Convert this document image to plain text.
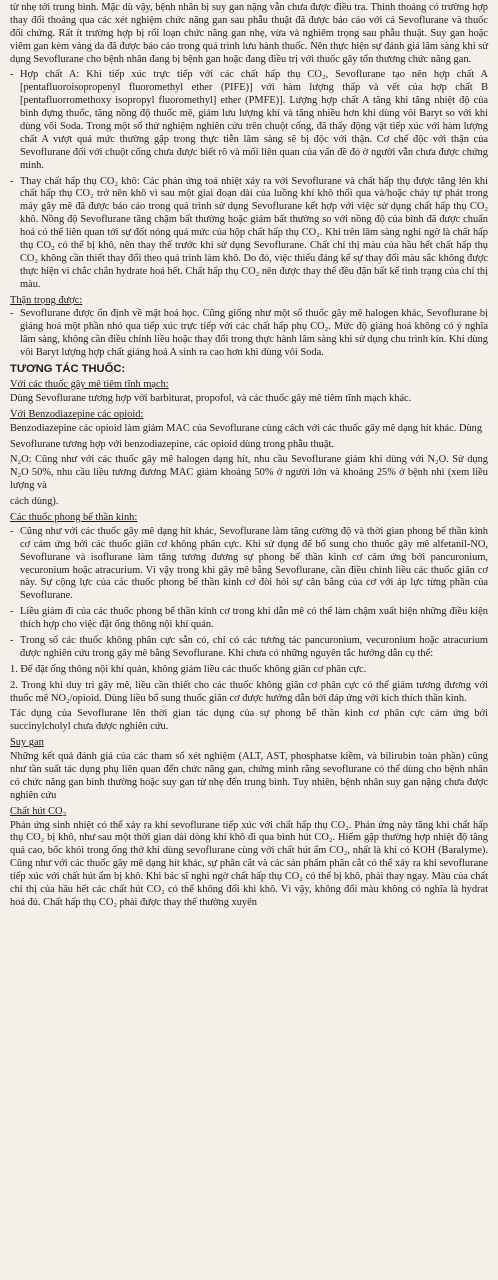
từ nhẹ tới trung bình. Mặc dù vậy, bệnh nhân bị suy gan nặng vẫn chưa được điều tra. Thỉnh thoảng có trường hợp thay đổi thoáng qua các xét nghiệm chức năng gan sau phẫu thuật đã được báo cáo với cả Sevoflurane và thuốc đối chứng. Rất ít trường hợp bị rối loạn chức năng gan nhẹ, vừa và nghiêm trọng sau phẫu thuật. Suy gan hoặc viêm gan kèm vàng da đã được báo cáo trong quá trình lưu hành thuốc. Nên thực hiện sự đánh giá lâm sàng khi sử dụng Sevoflurane cho bệnh nhân đang bị bệnh gan hoặc đang điều trị với thuốc gây tổn thương chức năng gan.

- Hợp chất A: Khi tiếp xúc trực tiếp với các chất hấp thụ CO₂, Sevoflurane tạo nên hợp chất A [pentafluoroisopropenyl fluoromethyl ether (PIFE)] với hàm lượng thấp và vết của hợp chất B [pentafluorromethoxy isopropyl fluoromethyl] ether (PMFE)]. Lượng hợp chất A tăng khi tăng nhiệt độ của bình đựng thuốc, tăng nồng độ thuốc mê, giảm lưu lượng khí và tăng nhiều hơn khi dùng vôi Baryt so với khi dùng vôi Soda. Trong một số thử nghiệm nghiên cứu trên chuột cống, đã thấy động vật tiếp xúc với hàm lượng chất A vượt quá mức thường gặp trong thực tiễn lâm sàng sẽ bị độc với thận. Cơ chế độc với thận của Sevoflurane đối với chuột cống chưa được biết rõ và mối liên quan của vấn đề đó ở người vẫn chưa được chứng minh.

- Thay chất hấp thụ CO₂ khô: Các phản ứng toả nhiệt xảy ra với Sevoflurane và chất hấp thụ được tăng lên khi chất hấp thụ CO₂ trở nên khô vì sau một giai đoạn dài của luồng khí khô thổi qua và/hoặc cháy tự phát trong máy gây mê đã được báo cáo trong quá trình sử dụng Sevoflurane kết hợp với việc sử dụng chất hấp thụ CO₂ khô. Nồng độ Sevoflurane tăng chậm bất thường hoặc giảm bất thường so với nồng độ của bình đã được chuẩn hoá có thể liên quan tới sự đốt nóng quá mức của hộp chất hấp thụ CO₂. Khi trên lâm sàng nghi ngờ là chất hấp thụ CO₂ có thể bị khô, nên thay thế trước khi sử dụng Sevoflurane. Chất chỉ thị màu của hầu hết chất hấp thụ CO₂ không cần thiết thay đổi theo quá trình làm khô. Do đó, việc thiếu đáng kể sự thay đổi màu sắc không được thực hiện vì chắc chắn hydrate hoá hết. Chất hấp thụ CO₂ nên được thay thế đều đặn bất kể tình trạng của chỉ thị màu.

Thận trọng được:

- Sevoflurane được ổn định về mặt hoá học. Cũng giống như một số thuốc gây mê halogen khác, Sevoflurane bị giáng hoá một phần nhỏ qua tiếp xúc trực tiếp với các chất hấp phụ CO₂. Mức độ giáng hoá không có ý nghĩa lâm sàng, không cần điều chỉnh liều hoặc thay đổi trong thực hành lâm sàng khi sử dụng chu trình kín. Khi dùng vôi Baryt lượng hợp chất giáng hoá A sinh ra cao hơn khi dùng vôi Soda.

TƯƠNG TÁC THUỐC:

Với các thuốc gây mê tiêm tĩnh mạch:

Dùng Sevoflurane tương hợp với barbiturat, propofol, và các thuốc gây mê tiêm tĩnh mạch khác.

Với Benzodiazepine các opioid:

Benzodiazepine các opioid làm giảm MAC của Sevoflurane cùng cách với các thuốc gây mê dạng hít khác. Dùng

Sevoflurane tương hợp với benzodiazepine, các opioid dùng trong phẫu thuật.

N₂O: Cũng như với các thuốc gây mê halogen dạng hít, nhu cầu Sevoflurane giảm khi dùng với N₂O. Sử dụng N₂O 50%, nhu cầu liều tương đương MAC giảm khoảng 50% ở người lớn và khoảng 25% ở bệnh nhi (xem liều lượng và

cách dùng).

Các thuốc phong bế thần kinh:

- Cũng như với các thuốc gây mê dạng hít khác, Sevoflurane làm tăng cường độ và thời gian phong bế thần kinh cơ cảm ứng bởi các thuốc giãn cơ không phân cực. Khi sử dụng để bổ sung cho thuốc gây mê alfetanil-NO, Sevoflurane và isoflurane làm tăng tương đương sự phong bế thần kinh cơ cảm ứng bởi pancuronium, vecuronium hoặc atracurium. Vì vậy trong khi gây mê bằng Sevoflurane, cần điều chỉnh liều các thuốc giãn cơ này. Sự cộng lực của các thuốc phong bế thần kinh cơ đòi hỏi sự cân bằng của cơ với áp lực từng phần của Sevoflurane.

- Liều giảm đi của các thuốc phong bế thần kinh cơ trong khi dẫn mê có thể làm chậm xuất hiện những điều kiện thích hợp cho việc đặt ống thông nội khí quản.

- Trong số các thuốc không phân cực sẵn có, chỉ có các tương tác pancuronium, vecuronium hoặc atracurium được nghiên cứu trong gây mê bằng Sevoflurane. Khi chưa có những nguyên tắc hướng dẫn cụ thể:

1. Để đặt ống thông nội khí quản, không giảm liều các thuốc không giãn cơ phân cực.

2. Trong khi duy trì gây mê, liều cần thiết cho các thuốc không giãn cơ phân cực có thể giảm tương đương với thuốc mê NO₂/opioid. Dùng liều bổ sung thuốc giãn cơ được hướng dẫn bởi đáp ứng với kích thích thần kinh.

Tác dụng của Sevoflurane lên thời gian tác dụng của sự phong bế thần kinh cơ phân cực cảm ứng bởi succinylcholyl chưa được nghiên cứu.

Suy gan

Những kết quả đánh giá của các tham số xét nghiệm (ALT, AST, phosphatse kiềm, và bilirubin toàn phần) cũng như tần suất tác dụng phụ liên quan đến chức năng gan, chứng minh rằng sevoflurane có thể dùng cho bệnh nhân có chức năng gan bình thường hoặc suy gan từ nhẹ đến trung bình. Tuy nhiên, bệnh nhân suy gan nặng chưa được nghiên cứu

Chất hút CO₂

Phản ứng sinh nhiệt có thể xảy ra khi sevoflurane tiếp xúc với chất hấp thụ CO₂. Phản ứng này tăng khi chất hấp thụ CO₂ bị khô, như sau một thời gian dài dòng khí khô đi qua bình hút CO₂. Hiếm gặp thường hợp nhiệt độ tăng quá cao, bốc khói trong ống thở khi dùng sevoflurane cùng với chất hút ẩm CO₂, nhất là khi có KOH (Baralyme). Cũng như với các thuốc gây mê dạng hít khác, sự phân cắt và các sản phẩm phân cắt có thể xảy ra khi sevoflurane tiếp xúc với chất hút ẩm bị khô. Khi bác sĩ nghi ngờ chất hấp thụ CO₂ có thể bị khô, phải thay ngay. Màu của chất chỉ thị của hầu hết các chất hút CO₂ có thể không đổi khi khô. Vì vậy, không đổi màu không có nghĩa là hydrat hoá đủ. Chất hấp thụ CO₂ phải được thay thế thường xuyên
